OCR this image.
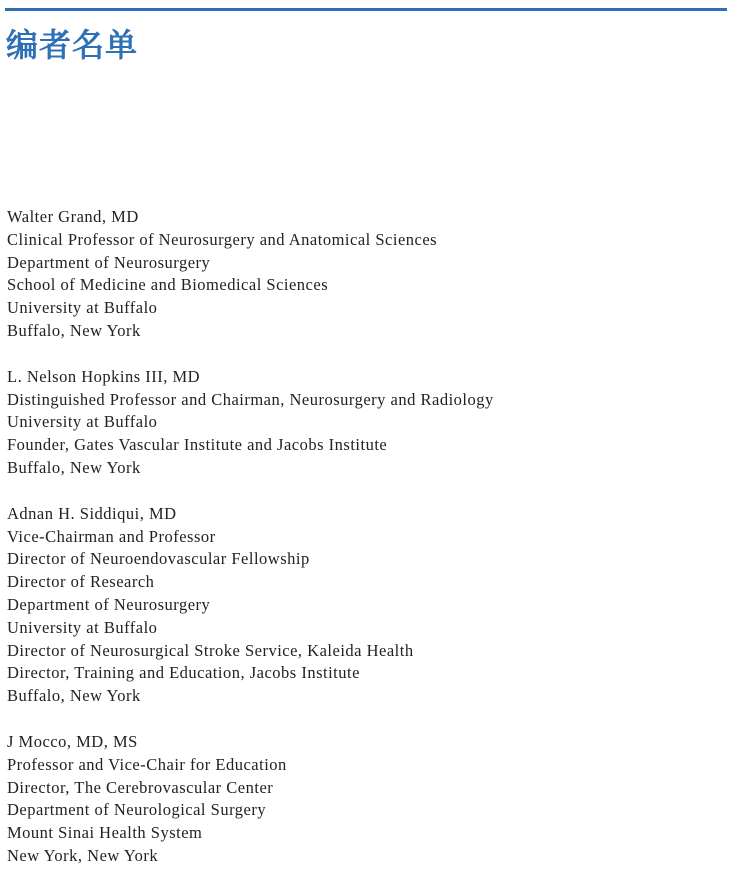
编者名单
Walter Grand, MD
Clinical Professor of Neurosurgery and Anatomical Sciences
Department of Neurosurgery
School of Medicine and Biomedical Sciences
University at Buffalo
Buffalo, New York
L. Nelson Hopkins III, MD
Distinguished Professor and Chairman, Neurosurgery and Radiology
University at Buffalo
Founder, Gates Vascular Institute and Jacobs Institute
Buffalo, New York
Adnan H. Siddiqui, MD
Vice-Chairman and Professor
Director of Neuroendovascular Fellowship
Director of Research
Department of Neurosurgery
University at Buffalo
Director of Neurosurgical Stroke Service, Kaleida Health
Director, Training and Education, Jacobs Institute
Buffalo, New York
J Mocco, MD, MS
Professor and Vice-Chair for Education
Director, The Cerebrovascular Center
Department of Neurological Surgery
Mount Sinai Health System
New York, New York
